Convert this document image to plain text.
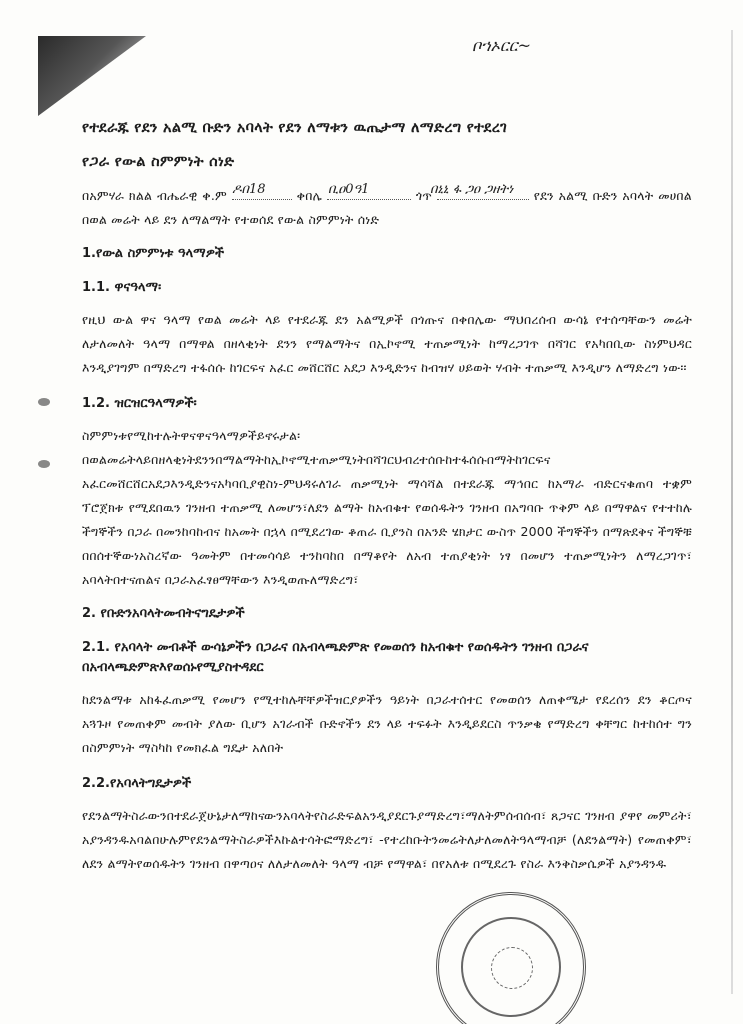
ቦኀኦርር~

የተደራጁ የደን አልሚ ቡድን አባላት የደን ለማቱን ዉጤታማ ለማድረግ የተደረገ

የጋራ የውል ስምምነት ሰነድ

በአምሃራ ክልል ብሔራዊ ቀ.ም	ቀበሌ	ጎጥ	የደን አልሚ ቡድን አባላት መሀበል በወል መሬት ላይ ደን ለማልማት የተወሰደ የውል ስምምነት ሰነድ

1.የውል ስምምነቱ ዓላማዎች
1.1. ዋናዓላማ፡

የዚህ ውል ዋና ዓላማ የወል መሬት ላይ የተደራጁ ደን አልሚዎች በጎጡና በቀበሌው ማህበረሰብ ውሳኔ የተሰጣቸውን መሬት ለታለመለት ዓላማ በማዋል በዘላቂነት ደንን የማልማትና በኢኮኖሚ ተጠቃሚነት ከማረጋገጥ በሻገር የአካበቢው ስነምህዳር እንዲያገግም በማድረግ ተፋሰሱ ከገርፍና አፈር መሸርሸር አደጋ እንዲድንና ከብዝሃ ሀይወት ሃብት ተጠቃሚ እንዲሆን ለማድረግ ነው፡፡

1.2. ዝርዝርዓላማዎች፡

ስምምነቱየሚከተሉትዋናዋናዓላማዎችይኖሩታል፡ በወልመሬትላይበዘላቂነትደንንበማልማትከኢኮኖሚተጠቃሚነትበሻገርህብረተሰቡከተፋሰሱበማትከገርፍና አፈርመሸርሸርአደጋእንዲድንናአካባቢያዊስነ-ምህዳሩለገራ ጠቃሚነት ማሳሻል በተደራጁ ማኅበር ከአማራ ብድርናቁጠባ ተቋም ፕሮጀክቱ የሚደበዉን ገንዘብ ተጠቃሚ ለመሆን፣ለደን ልማት ከአብቁተ የወሰዱትን ገንዘብ በአግባቡ ጥቅም ላይ በማዋልና የተተከሉ ችግኞችን በጋራ በመንከባከብና ከአመት በኋላ በሚደረገው ቆጠራ ቢያንስ በአንድ ሄክታር ውስጥ 2000 ችግኞችን በማጽደቅና ችግኞቹ በበሰተኞውነአስረኛው ዓመትም በተመሳሳይ ተንከባከበ በማቆየት ለአብ ተጠያቂነት ነፃ በመሆን ተጠቃሚነትን ለማረጋገጥ፣ አባላትበተናጠልና በጋራአፈፃፀማቸውን እንዲወጡለማድረግ፣

2. የቡድንአባላትመብትናግዴታዎች
2.1. የአባላት መብቶች ውሳኔዎችን በጋራና በአብላጫድምጽ የመወሰን ከአብቁተ የወሰዱትን ገንዘብ በጋራና በአብላጫድምጽእየወሰኑየሚያስተዳደር

ከደንልማቱ አከፋፈጠቃሚ የመሆን የሚተከሉቸቸዎችዝርያዎችን ዓይነት በጋራተሰተር የመወሰን ለጠቀሜታ የደረሰን ደን ቆርጦና አጓጉዞ የመጠቀም መብት ያለው ቢሆን አገራብች ቡድኖችን ደን ላይ ተፍፉት እንዲይደርስ ጥንቃቄ የማድረግ ቀቸግር ከተከሰተ ግን በስምምነት ማስካከ የመክፈል ግዴታ አለበት

2.2.የአባላትግዴታዎች

የደንልማትስራውንበተደራጀሁኔታለማከናውንአባላትየስራድፍልአንዲያደርጉያማድረግ፣ማለትምሰብሰብ፣ ጸጋናር ገንዘብ ያዋየ መምሪት፣ አያንዳንዱአባልበሁሉምየደንልማትስራዎችእኩልተሳትፎማድረግ፣ -የተረከቡትንመሬትለታለመለትዓላማብቻ (ለደንልማት) የመጠቀም፣ ለደን ልማትየወሰዱትን ገንዘብ በዋጣዐና ለለታለመለት ዓላማ ብቻ የማዋል፣ በየአለቱ በሚደረጉ የስራ እንቅስቃሴዎች አያንዳንዱ

ዶበ18	ቢዐ0ዓ1	በኒኒ ፋ ጋዐ ጋዘትነ
